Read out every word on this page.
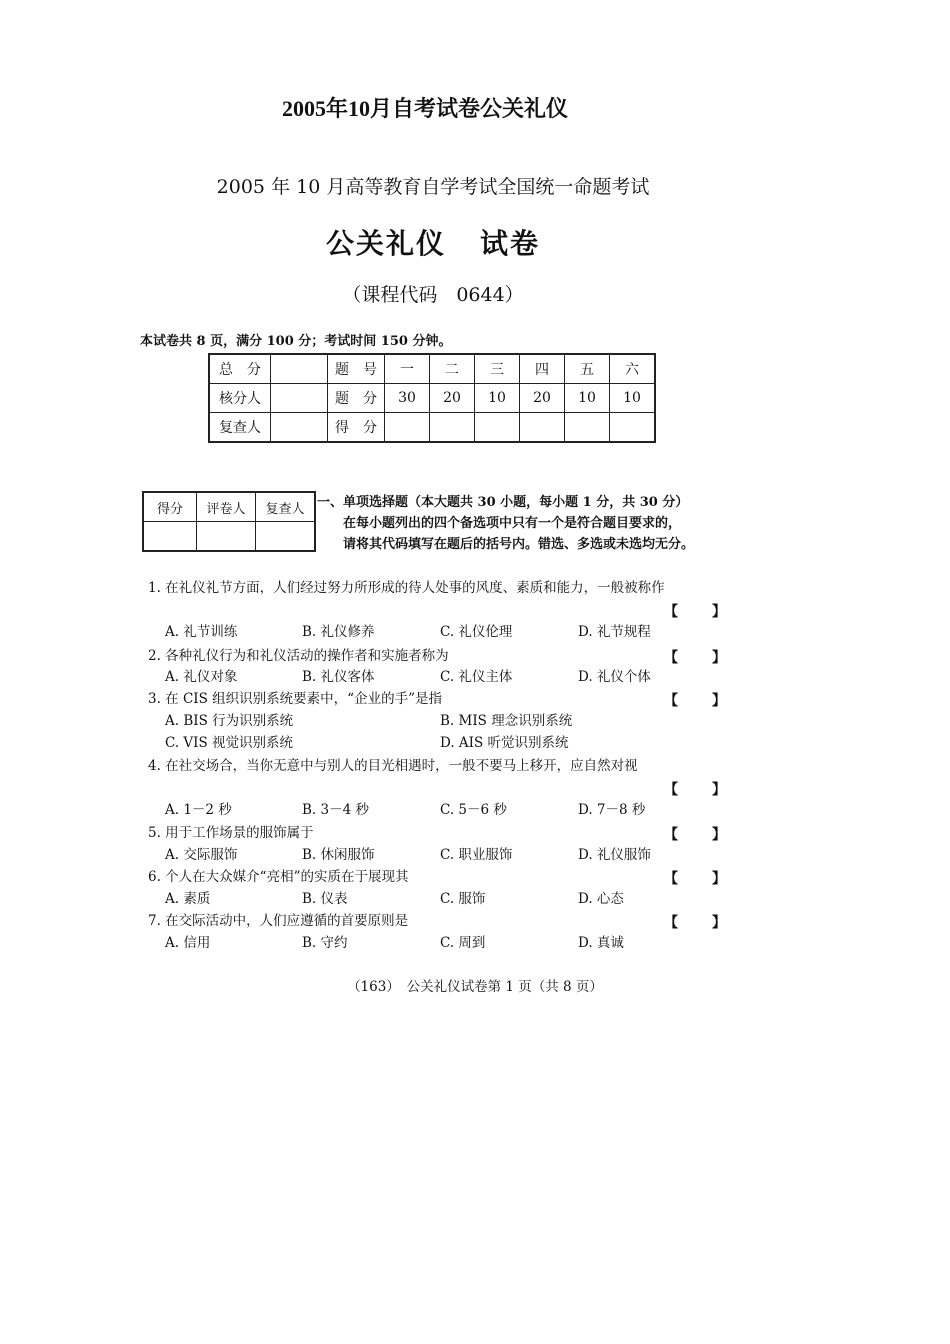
2005年10月自考试卷公关礼仪
2005 年 10 月高等教育自学考试全国统一命题考试
公关礼仪 试卷
（课程代码　0644）
本试卷共 8 页，满分 100 分；考试时间 150 分钟。
总　分		题　号	一	二	三	四	五	六
核分人		题　分	30	20	10	20	10	10
复查人		得　分						
得分	评卷人	复查人
		一、单项选择题（本大题共 30 小题，每小题 1 分，共 30 分）
在每小题列出的四个备选项中只有一个是符合题目要求的，
请将其代码填写在题后的括号内。错选、多选或未选均无分。
1. 在礼仪礼节方面，人们经过努力所形成的待人处事的风度、素质和能力，一般被称作
【 】
A. 礼节训练	B. 礼仪修养	C. 礼仪伦理	D. 礼节规程
2. 各种礼仪行为和礼仪活动的操作者和实施者称为	【 】
A. 礼仪对象	B. 礼仪客体	C. 礼仪主体	D. 礼仪个体
3. 在 CIS 组织识别系统要素中，“企业的手”是指	【 】
A. BIS 行为识别系统	B. MIS 理念识别系统
C. VIS 视觉识别系统	D. AIS 听觉识别系统
4. 在社交场合，当你无意中与别人的目光相遇时，一般不要马上移开，应自然对视
【 】
A. 1－2 秒	B. 3－4 秒	C. 5－6 秒	D. 7－8 秒
5. 用于工作场景的服饰属于	【 】
A. 交际服饰	B. 休闲服饰	C. 职业服饰	D. 礼仪服饰
6. 个人在大众媒介“亮相”的实质在于展现其	【 】
A. 素质	B. 仪表	C. 服饰	D. 心态
7. 在交际活动中，人们应遵循的首要原则是	【 】
A. 信用	B. 守约	C. 周到	D. 真诚
（163）　公关礼仪试卷第 1 页（共 8 页）
